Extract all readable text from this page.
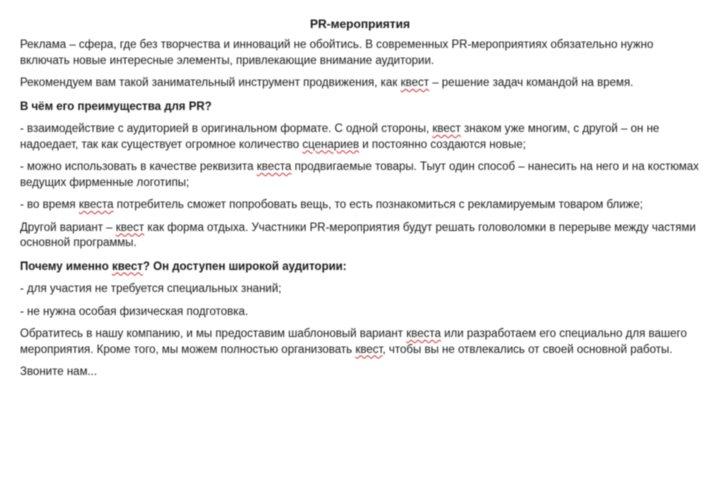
PR-мероприятия

Реклама – сфера, где без творчества и инноваций не обойтись. В современных PR-мероприятиях обязательно нужно включать новые интересные элементы, привлекающие внимание аудитории.

Рекомендуем вам такой занимательный инструмент продвижения, как квест – решение задач командой на время.

В чём его преимущества для PR?

- взаимодействие с аудиторией в оригинальном формате. С одной стороны, квест знаком уже многим, с другой – он не надоедает, так как существует огромное количество сценариев и постоянно создаются новые;

- можно использовать в качестве реквизита квеста продвигаемые товары. Тыут один способ – нанесить на него и на костюмах ведущих фирменные логотипы;

- во время квеста потребитель сможет попробовать вещь, то есть познакомиться с рекламируемым товаром ближе;

Другой вариант – квест как форма отдыха. Участники PR-мероприятия будут решать головоломки в перерыве между частями основной программы.

Почему именно квест? Он доступен широкой аудитории:

- для участия не требуется специальных знаний;

- не нужна особая физическая подготовка.

Обратитесь в нашу компанию, и мы предоставим шаблоновый вариант квеста или разработаем его специально для вашего мероприятия. Кроме того, мы можем полностью организовать квест, чтобы вы не отвлекались от своей основной работы.

Звоните нам...
